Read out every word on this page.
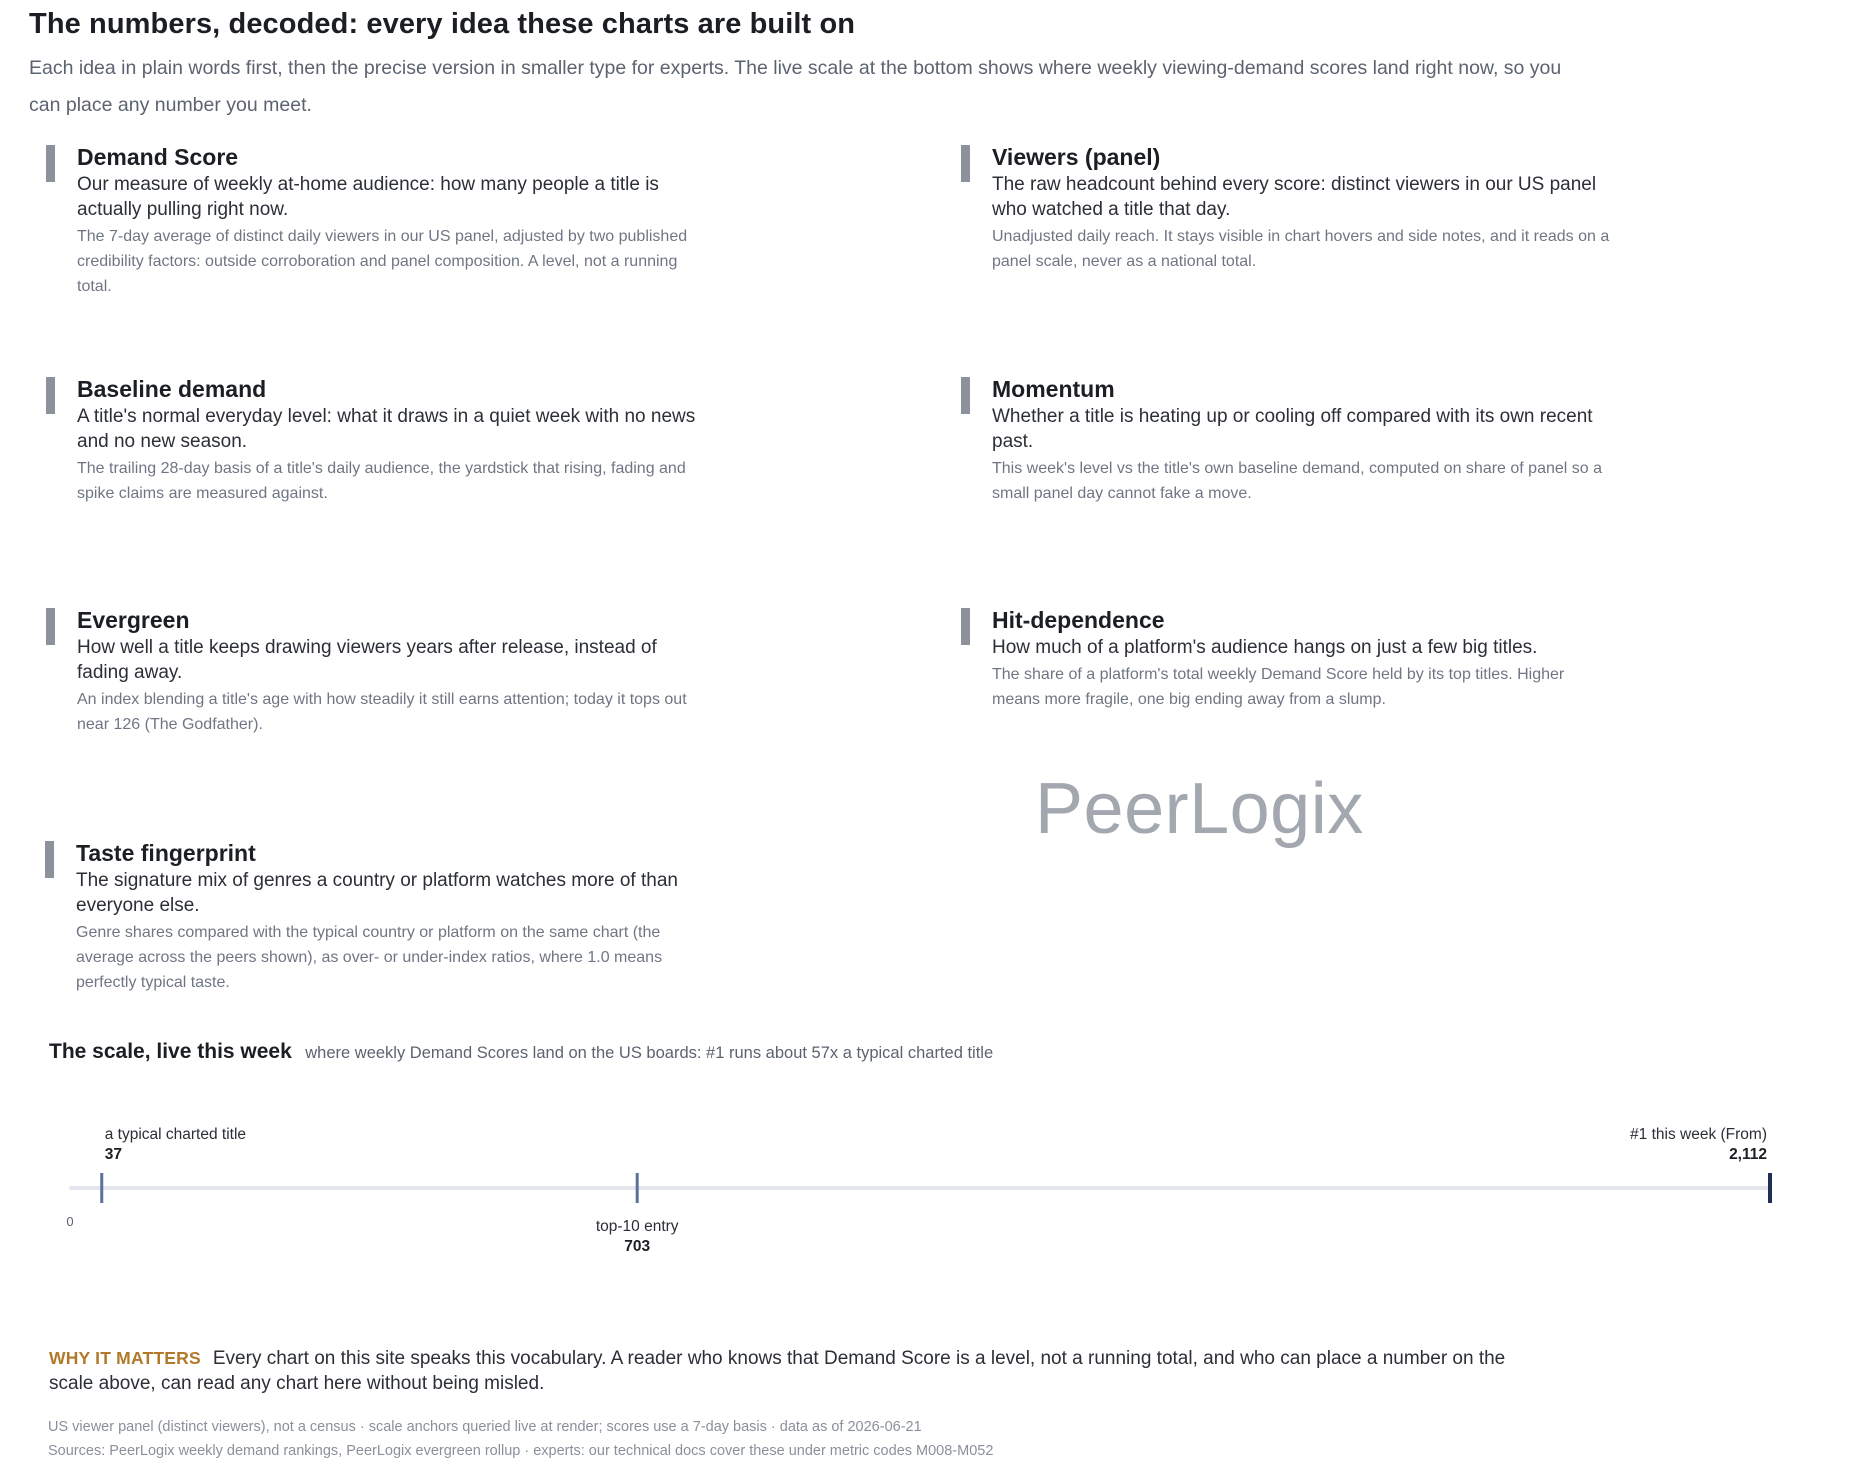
The numbers, decoded: every idea these charts are built on

Each idea in plain words first, then the precise version in smaller type for experts. The live scale at the bottom shows where weekly viewing-demand scores land right now, so you can place any number you meet.

Demand Score
Our measure of weekly at-home audience: how many people a title is actually pulling right now.
The 7-day average of distinct daily viewers in our US panel, adjusted by two published credibility factors: outside corroboration and panel composition. A level, not a running total.
Viewers (panel)
The raw headcount behind every score: distinct viewers in our US panel who watched a title that day.
Unadjusted daily reach. It stays visible in chart hovers and side notes, and it reads on a panel scale, never as a national total.
Baseline demand
A title's normal everyday level: what it draws in a quiet week with no news and no new season.
The trailing 28-day basis of a title's daily audience, the yardstick that rising, fading and spike claims are measured against.
Momentum
Whether a title is heating up or cooling off compared with its own recent past.
This week's level vs the title's own baseline demand, computed on share of panel so a small panel day cannot fake a move.
Evergreen
How well a title keeps drawing viewers years after release, instead of fading away.
An index blending a title's age with how steadily it still earns attention; today it tops out near 126 (The Godfather).
Hit-dependence
How much of a platform's audience hangs on just a few big titles.
The share of a platform's total weekly Demand Score held by its top titles. Higher means more fragile, one big ending away from a slump.
Taste fingerprint
The signature mix of genres a country or platform watches more of than everyone else.
Genre shares compared with the typical country or platform on the same chart (the average across the peers shown), as over- or under-index ratios, where 1.0 means perfectly typical taste.
PeerLogix
The scale, live this week where weekly Demand Scores land on the US boards: #1 runs about 57x a typical charted title
0
a typical charted title
37
top-10 entry
703
#1 this week (From)
2,112
WHY IT MATTERS Every chart on this site speaks this vocabulary. A reader who knows that Demand Score is a level, not a running total, and who can place a number on the scale above, can read any chart here without being misled.
US viewer panel (distinct viewers), not a census · scale anchors queried live at render; scores use a 7-day basis · data as of 2026-06-21
Sources: PeerLogix weekly demand rankings, PeerLogix evergreen rollup · experts: our technical docs cover these under metric codes M008-M052
